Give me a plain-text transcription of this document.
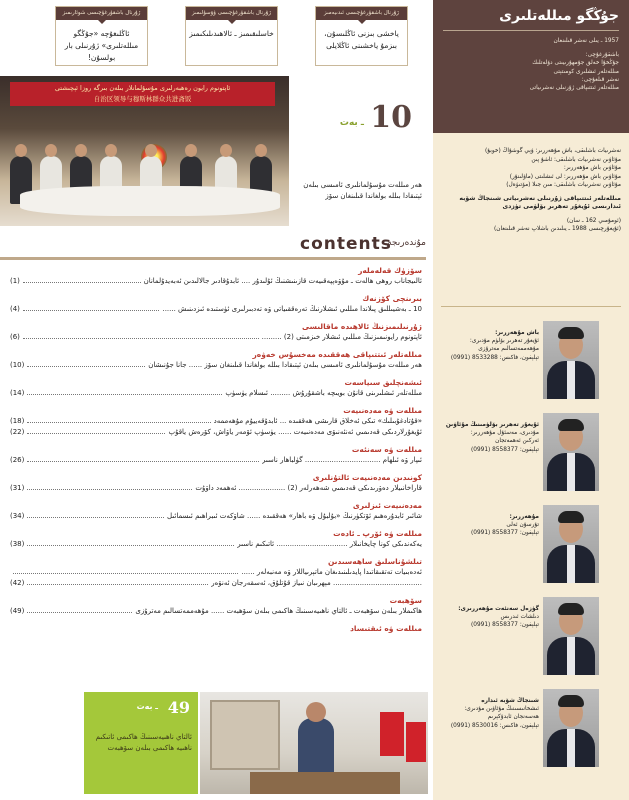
ژۇرنال باشقۇرغۇچىسى شوئارىمىز
ئاڭلىغۇچە «جۇڭگو مىللەتلىرى» ژۇرنىلى بار بولسۇن!
ژۇرنال باشقۇرغۇچىسى ۋۆسۇلىمىز
خاسلىقىمىز ـ ئالاھىدىلىكىمىز
ژۇرنال باشقۇرغۇچىسى ئىدىيەمىز
ياخشى بىزنى ئاڭلىسۇن، بىزمۇ ياخشىنى ئاڭلايلى
جۇڭگو مىللەتلىرى
1957 ـ يىلى نەشر قىلىنغان
باشقۇرغۇچى:
جۇڭخۇا خەلق جۇمھۇرىيىتى دۆلەتلىك
مىللەتلەر ئىشلىرى كومىتېتى
نەشر قىلغۇچى:
مىللەتلەر ئىتتىپاقى ژۇرنىلى نەشرىياتى
ئاپتونوم رايون رەھبەرلىرى مۇسۇلمانلار بىلەن بىرگە روزا ئېچىشتى
自治区领导与穆斯林群众共进斋饭
10
ـ بەت
ھەر مىللەت مۇسۇلمانلىرى ئامىسى بىلەن ئېتىقادا بىللە بولغاندا قىلىنغان سۆز
contents
مۇندەرىجە
سۆزۈك قەلەملەر
(1)	ئالىيجاناب روھى ھالەت ـ مۇۋەپپەقىيەت قازىنىشنىڭ ئۇلىدۇر .... ئابدۇقادىر جالالىدىن ئەبەيدۇلمانان
بىرىنچى كۆزنەك
(4)	10 ـ بەشيىللىق پىلاندا مىللىي ئىشلارنىڭ تەرەققىياتى ۋە تەدبىرلىرى ئۈستىدە ئىزدىنىش ......
ژۇرنىلىمىزنىڭ ئالاھىدە ماقالىسى
(6)	ئاپتونوم رايونىمىزنىڭ مىللىي ئىشلار خىزمىتى (2) .........
مىللەتلەر ئىتتىپاقى ھەققىدە مەخسۇس خەۋەر
(10)	ھەر مىللەت مۇسۇلمانلىرى ئامىسى بىلەن ئېتىقادا بىللە بولغاندا قىلىنغان سۆز ...... جانا جۇنىشان
ئىشەنچلىق سىياسەت
(14)	مىللەتلەر ئىشلىرىنى قانۇن بويىچە باشقۇرۇش ......... ئىسلام يۈسۈپ
مىللەت ۋە مەدەنىيەت
(18)	«قۇتادغۇبىلىك» تىكى ئەخلاق قارىشى ھەققىدە ... ئابدۇقەييۇم مۇھەممەد
(22)	ئۇيغۇرلاردىكى قەدىمىي ئەنئەنىۋى مەدەنىيەت ...... يۈسۈپ ئۆمەر ياۋاش، كۆرەش ياقۇپ
مىللەت ۋە سەنئەت
(26)	ئىپار ۋە ئىلھام .................................. گۈلباھار ناسىر
كونىدىن مەدەنىيەت ئالتۇنلىرى
(31)	قاراخانىيلار دەۋرىدىكى قەدىمىي شەھەرلەر (2) ..................... ئەھمەد داۋۇت
مەدەنىيەت ئىزلىرى
(34)	شائىر ئابدۇرەھىم ئۆتكۈرنىڭ «بۇلبۇل ۋە باھار» ھەققىدە ...... شاۋكەت ئىبراھىم ئىسمائىل
مىللەت ۋە ئۆرپ ـ ئادەت
(38)	يەكەندىكى كونا چايخانىلار ................................ ئاتىكىم ناسىر
تىلشۇناسلىق ساھەسىدىن
ئەدەبىيات تەتقىقاتىدا پايدىلىنىدىغان ماتېرىياللار ۋە مەنبەلەر ......
(42)	........................................ مېھرىبان نىياز قۇتلۇق، ئەسقەرجان ئەنۋەر
سۆھبەت
(49)	ھاكىملار بىلەن سۆھبەت ـ ئالتاي ناھىيەسىنىڭ ھاكىمى بىلەن سۆھبەت ...... مۇھەممەتسالىم مەترۇزى
مىللەت ۋە ئىقتىساد
49
ـ بەت
ئالتاي ناھىيەسىنىڭ ھاكىمى ئاتىكىم ناھىيە ھاكىمى بىلەن سۆھبەت
نەشرىيات باشلىقى، باش مۇھەررىر: ۋېي گوشۇاڭ (خوبۇ)
مۇئاۋىن نەشرىيات باشلىقى: ئاشۇ پىن
مۇئاۋىن باش مۇھەررىر:
مۇئاۋىن باش مۇھەررىر: لى ئىشلىتى (ماۋلىنۇر)
مۇئاۋىن نەشرىيات باشلىقى: مىن جىلا (مۆتىۋەل)
مىللەتلەر ئىتتىپاقى ژۇرنىلى نەشرىياتى شىنجاڭ شۆبە
ئىدارىسى ئۇيغۇر تەھرىر بۆلۈمى تۈزدى
(ئومۇمىي 162 ـ سان)
(ئۇيغۇرچىسى 1988 ـ يىلىدىن باشلاپ نەشر قىلىنغان)
باش مۇھەررىر:
ئۇيغۇر تەھرىر بۆلۈم مۇدىرى:
مۇھەممەتسالىم مەترۇزى
تېلېفون، فاكىس: 8533288 (0991)
ئۇيغۇر تەھرىر بۆلۈمىنىڭ مۇئاۋىن
مۇدىرى، مەسئۇل مۇھەررىر:
ئەركىن ئەھمەتجان
تېلېفون: 8558377 (0991)
مۇھەررىر:
تۇرسۇن ئەلى
تېلېفون: 8558377 (0991)
گۈزەل سەنئەت مۇھەررىرى:
دىلشات ئىدرىس
تېلېفون: 8558377 (0991)
شىنجاڭ شۆبە ئىدارە
ئىشخانىسىنىڭ مۇئاۋىن مۇدىرى:
ھەسەنجان ئابدۇكېرىم
تېلېفون، فاكىس: 8530016 (0991)
